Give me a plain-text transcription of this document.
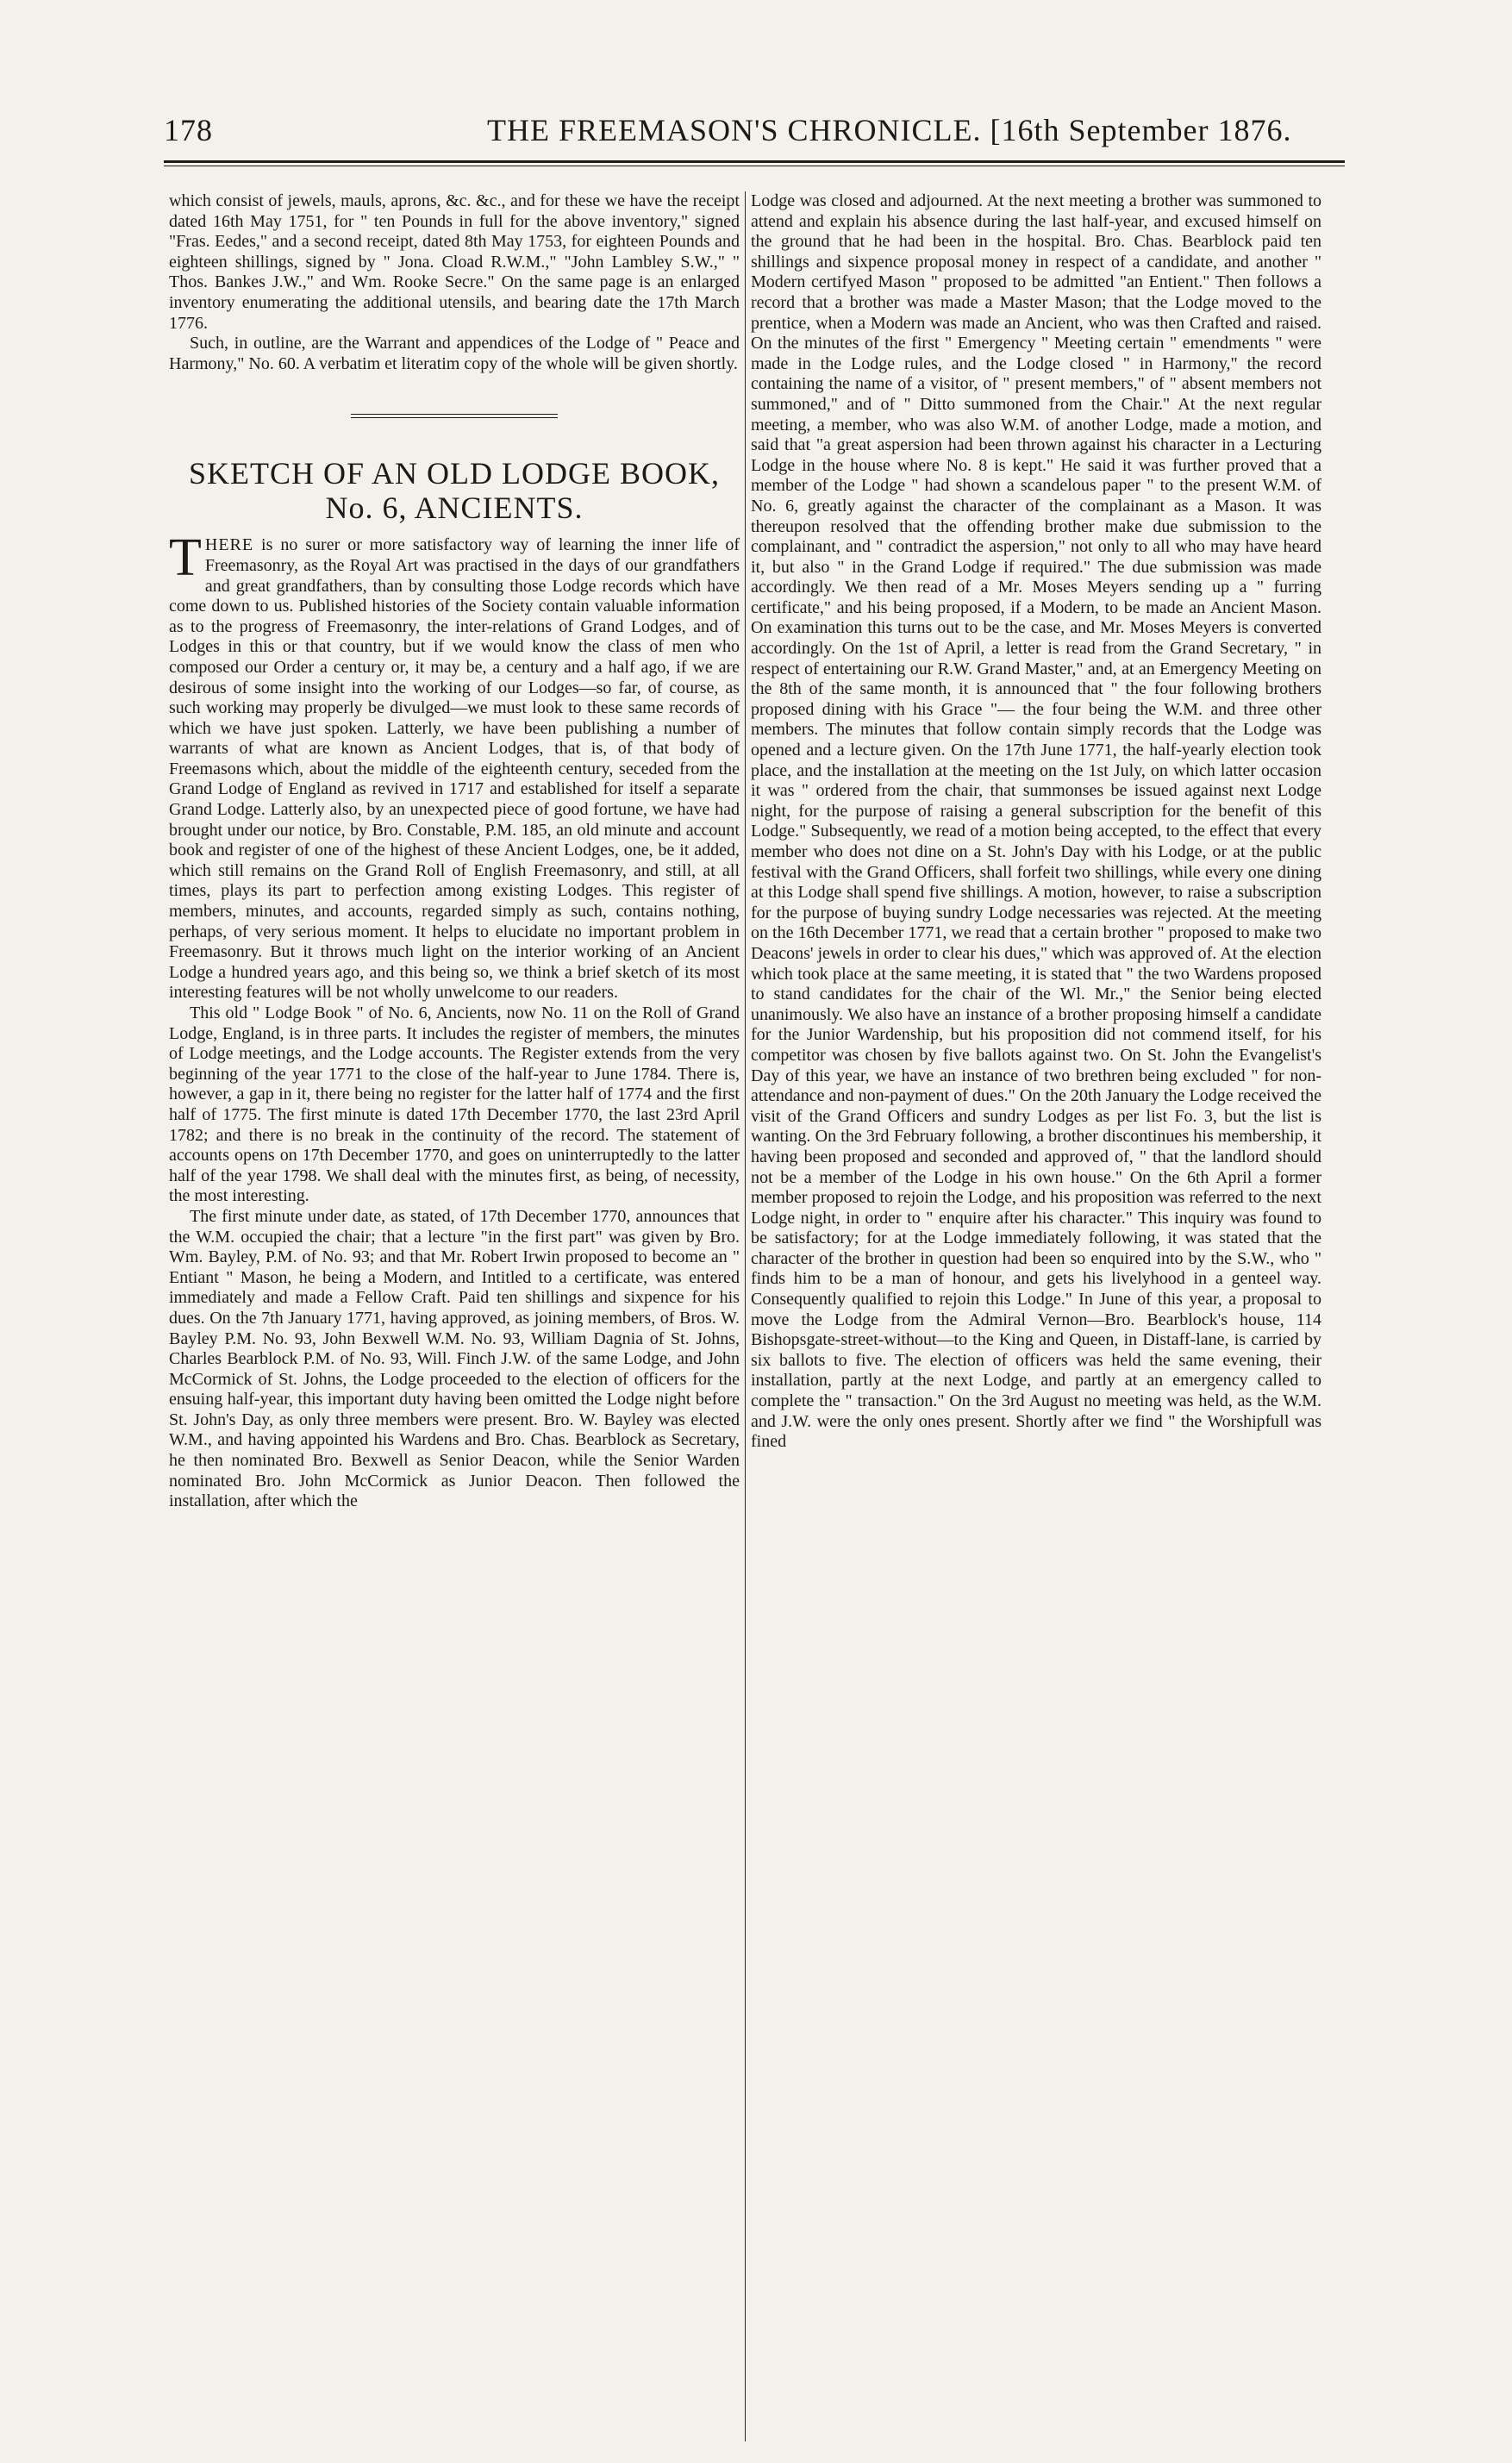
178	THE FREEMASON'S CHRONICLE. [16th September 1876.

which consist of jewels, mauls, aprons, &c. &c., and for these we have the receipt dated 16th May 1751, for " ten Pounds in full for the above inventory," signed "Fras. Eedes," and a second receipt, dated 8th May 1753, for eighteen Pounds and eighteen shillings, signed by " Jona. Cload R.W.M.," "John Lambley S.W.," " Thos. Bankes J.W.," and Wm. Rooke Secre." On the same page is an enlarged inventory enumerating the additional utensils, and bearing date the 17th March 1776.

Such, in outline, are the Warrant and appendices of the Lodge of " Peace and Harmony," No. 60. A verbatim et literatim copy of the whole will be given shortly.

SKETCH OF AN OLD LODGE BOOK,
No. 6, ANCIENTS.

THERE is no surer or more satisfactory way of learning the inner life of Freemasonry, as the Royal Art was practised in the days of our grandfathers and great grandfathers, than by consulting those Lodge records which have come down to us. Published histories of the Society contain valuable information as to the progress of Freemasonry, the inter-relations of Grand Lodges, and of Lodges in this or that country, but if we would know the class of men who composed our Order a century or, it may be, a century and a half ago, if we are desirous of some insight into the working of our Lodges—so far, of course, as such working may properly be divulged—we must look to these same records of which we have just spoken. Latterly, we have been publishing a number of warrants of what are known as Ancient Lodges, that is, of that body of Freemasons which, about the middle of the eighteenth century, seceded from the Grand Lodge of England as revived in 1717 and established for itself a separate Grand Lodge. Latterly also, by an unexpected piece of good fortune, we have had brought under our notice, by Bro. Constable, P.M. 185, an old minute and account book and register of one of the highest of these Ancient Lodges, one, be it added, which still remains on the Grand Roll of English Freemasonry, and still, at all times, plays its part to perfection among existing Lodges. This register of members, minutes, and accounts, regarded simply as such, contains nothing, perhaps, of very serious moment. It helps to elucidate no important problem in Freemasonry. But it throws much light on the interior working of an Ancient Lodge a hundred years ago, and this being so, we think a brief sketch of its most interesting features will be not wholly unwelcome to our readers.

This old " Lodge Book " of No. 6, Ancients, now No. 11 on the Roll of Grand Lodge, England, is in three parts. It includes the register of members, the minutes of Lodge meetings, and the Lodge accounts. The Register extends from the very beginning of the year 1771 to the close of the half-year to June 1784. There is, however, a gap in it, there being no register for the latter half of 1774 and the first half of 1775. The first minute is dated 17th December 1770, the last 23rd April 1782; and there is no break in the continuity of the record. The statement of accounts opens on 17th December 1770, and goes on uninterruptedly to the latter half of the year 1798. We shall deal with the minutes first, as being, of necessity, the most interesting.

The first minute under date, as stated, of 17th December 1770, announces that the W.M. occupied the chair; that a lecture "in the first part" was given by Bro. Wm. Bayley, P.M. of No. 93; and that Mr. Robert Irwin proposed to become an " Entiant " Mason, he being a Modern, and Intitled to a certificate, was entered immediately and made a Fellow Craft. Paid ten shillings and sixpence for his dues. On the 7th January 1771, having approved, as joining members, of Bros. W. Bayley P.M. No. 93, John Bexwell W.M. No. 93, William Dagnia of St. Johns, Charles Bearblock P.M. of No. 93, Will. Finch J.W. of the same Lodge, and John McCormick of St. Johns, the Lodge proceeded to the election of officers for the ensuing half-year, this important duty having been omitted the Lodge night before St. John's Day, as only three members were present. Bro. W. Bayley was elected W.M., and having appointed his Wardens and Bro. Chas. Bearblock as Secretary, he then nominated Bro. Bexwell as Senior Deacon, while the Senior Warden nominated Bro. John McCormick as Junior Deacon. Then followed the installation, after which the

Lodge was closed and adjourned. At the next meeting a brother was summoned to attend and explain his absence during the last half-year, and excused himself on the ground that he had been in the hospital. Bro. Chas. Bearblock paid ten shillings and sixpence proposal money in respect of a candidate, and another " Modern certifyed Mason " proposed to be admitted "an Entient." Then follows a record that a brother was made a Master Mason; that the Lodge moved to the prentice, when a Modern was made an Ancient, who was then Crafted and raised. On the minutes of the first " Emergency " Meeting certain " emendments " were made in the Lodge rules, and the Lodge closed " in Harmony," the record containing the name of a visitor, of " present members," of " absent members not summoned," and of " Ditto summoned from the Chair." At the next regular meeting, a member, who was also W.M. of another Lodge, made a motion, and said that "a great aspersion had been thrown against his character in a Lecturing Lodge in the house where No. 8 is kept." He said it was further proved that a member of the Lodge " had shown a scandelous paper " to the present W.M. of No. 6, greatly against the character of the complainant as a Mason. It was thereupon resolved that the offending brother make due submission to the complainant, and " contradict the aspersion," not only to all who may have heard it, but also " in the Grand Lodge if required." The due submission was made accordingly. We then read of a Mr. Moses Meyers sending up a " furring certificate," and his being proposed, if a Modern, to be made an Ancient Mason. On examination this turns out to be the case, and Mr. Moses Meyers is converted accordingly. On the 1st of April, a letter is read from the Grand Secretary, " in respect of entertaining our R.W. Grand Master," and, at an Emergency Meeting on the 8th of the same month, it is announced that " the four following brothers proposed dining with his Grace "— the four being the W.M. and three other members. The minutes that follow contain simply records that the Lodge was opened and a lecture given. On the 17th June 1771, the half-yearly election took place, and the installation at the meeting on the 1st July, on which latter occasion it was " ordered from the chair, that summonses be issued against next Lodge night, for the purpose of raising a general subscription for the benefit of this Lodge." Subsequently, we read of a motion being accepted, to the effect that every member who does not dine on a St. John's Day with his Lodge, or at the public festival with the Grand Officers, shall forfeit two shillings, while every one dining at this Lodge shall spend five shillings. A motion, however, to raise a subscription for the purpose of buying sundry Lodge necessaries was rejected. At the meeting on the 16th December 1771, we read that a certain brother " proposed to make two Deacons' jewels in order to clear his dues," which was approved of. At the election which took place at the same meeting, it is stated that " the two Wardens proposed to stand candidates for the chair of the Wl. Mr.," the Senior being elected unanimously. We also have an instance of a brother proposing himself a candidate for the Junior Wardenship, but his proposition did not commend itself, for his competitor was chosen by five ballots against two. On St. John the Evangelist's Day of this year, we have an instance of two brethren being excluded " for non-attendance and non-payment of dues." On the 20th January the Lodge received the visit of the Grand Officers and sundry Lodges as per list Fo. 3, but the list is wanting. On the 3rd February following, a brother discontinues his membership, it having been proposed and seconded and approved of, " that the landlord should not be a member of the Lodge in his own house." On the 6th April a former member proposed to rejoin the Lodge, and his proposition was referred to the next Lodge night, in order to " enquire after his character." This inquiry was found to be satisfactory; for at the Lodge immediately following, it was stated that the character of the brother in question had been so enquired into by the S.W., who " finds him to be a man of honour, and gets his livelyhood in a genteel way. Consequently qualified to rejoin this Lodge." In June of this year, a proposal to move the Lodge from the Admiral Vernon—Bro. Bearblock's house, 114 Bishopsgate-street-without—to the King and Queen, in Distaff-lane, is carried by six ballots to five. The election of officers was held the same evening, their installation, partly at the next Lodge, and partly at an emergency called to complete the " transaction." On the 3rd August no meeting was held, as the W.M. and J.W. were the only ones present. Shortly after we find " the Worshipfull was fined
